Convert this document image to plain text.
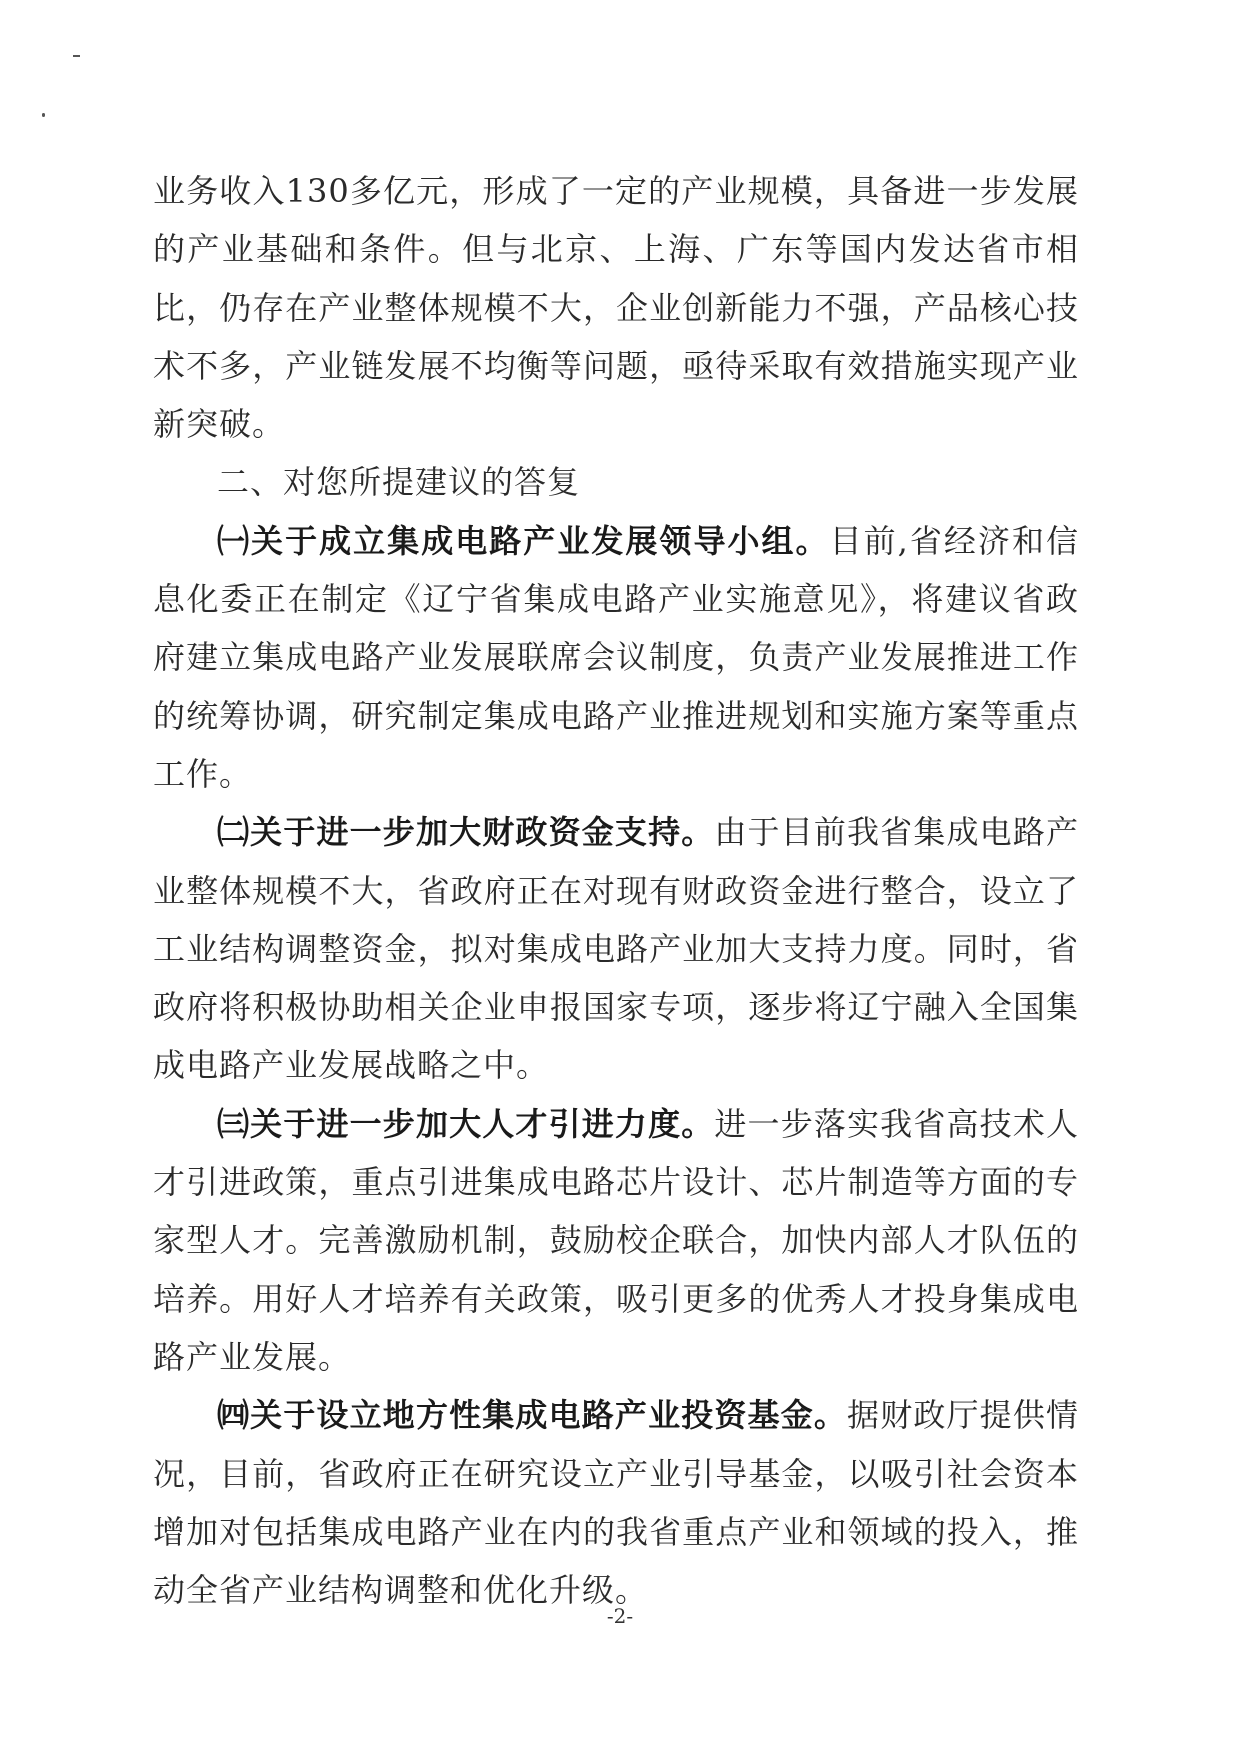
业务收入130多亿元，形成了一定的产业规模，具备进一步发展的产业基础和条件。但与北京、上海、广东等国内发达省市相比，仍存在产业整体规模不大，企业创新能力不强，产品核心技术不多，产业链发展不均衡等问题，亟待采取有效措施实现产业新突破。

二、对您所提建议的答复

㈠关于成立集成电路产业发展领导小组。目前,省经济和信息化委正在制定《辽宁省集成电路产业实施意见》，将建议省政府建立集成电路产业发展联席会议制度，负责产业发展推进工作的统筹协调，研究制定集成电路产业推进规划和实施方案等重点工作。

㈡关于进一步加大财政资金支持。由于目前我省集成电路产业整体规模不大，省政府正在对现有财政资金进行整合，设立了工业结构调整资金，拟对集成电路产业加大支持力度。同时，省政府将积极协助相关企业申报国家专项，逐步将辽宁融入全国集成电路产业发展战略之中。

㈢关于进一步加大人才引进力度。进一步落实我省高技术人才引进政策，重点引进集成电路芯片设计、芯片制造等方面的专家型人才。完善激励机制，鼓励校企联合，加快内部人才队伍的培养。用好人才培养有关政策，吸引更多的优秀人才投身集成电路产业发展。

㈣关于设立地方性集成电路产业投资基金。据财政厅提供情况，目前，省政府正在研究设立产业引导基金，以吸引社会资本增加对包括集成电路产业在内的我省重点产业和领域的投入，推动全省产业结构调整和优化升级。

-2-
